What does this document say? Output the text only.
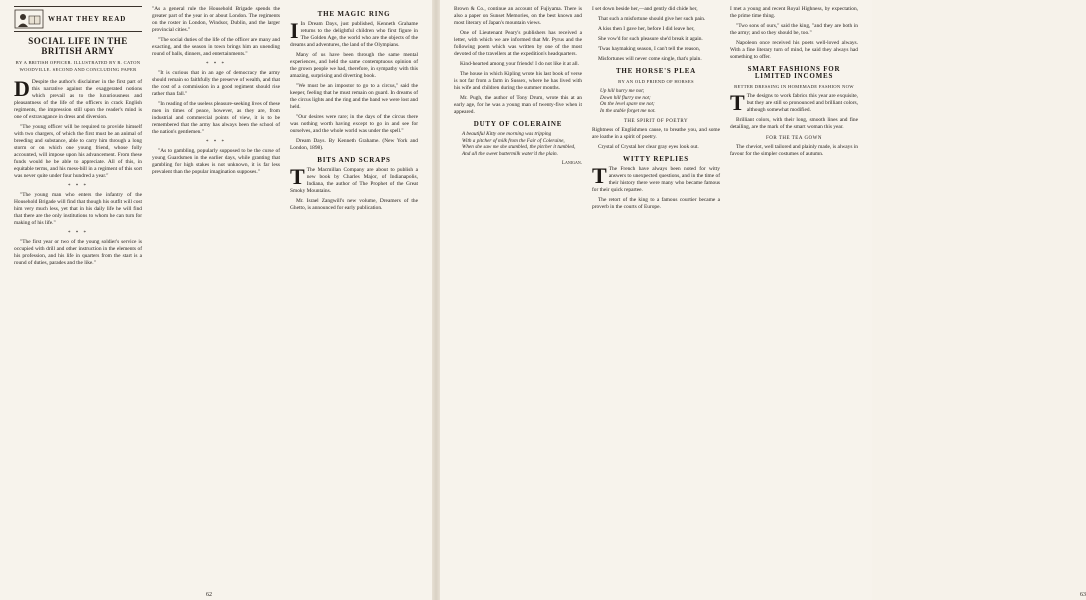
WHAT THEY READ
SOCIAL LIFE IN THE BRITISH ARMY
BY A BRITISH OFFICER. ILLUSTRATED BY R. CATON WOODVILLE. SECOND AND CONCLUDING PAPER

D Despite the author's disclaimer in the first part of this narrative against the exaggerated notions which prevail as to the luxuriousness and pleasantness of the life of the officers in crack English regiments, the impression still upon the reader's mind is one of extravagance in dress and diversion.

"The young officer will be required to provide himself with two chargers, of which the first must be an animal of breeding and substance, able to carry him through a long storm or on which one young friend, whose folly accounted, will impose upon his advancement. From these funds would he be able to appreciate. All of this, in equitable terms, and his mess-bill in a regiment of this sort was never quite under four hundred a year."

* * *

"The young man who enters the infantry of the Household Brigade will find that though his outfit will cost him very much less, yet that in his daily life he will find that there are the only institutions to whom he can turn for making of his life."

* * *

"The first year or two of the young soldier's service is occupied with drill and other instruction in the elements of his profession, and his life in quarters from the start is a round of duties, parades and the like."

"As a general rule the Household Brigade spends the greater part of the year in or about London. The regiments on the roster in London, Windsor, Dublin, and the larger provincial cities."

"The social duties of the life of the officer are many and exacting, and the season in town brings him an unending round of balls, dinners, and entertainments."

* * *

"It is curious that in an age of democracy the army should remain so faithfully the preserve of wealth, and that the cost of a commission in a good regiment should rise rather than fall."

"In reading of the useless pleasure-seeking lives of these men in times of peace, however, as they are, from industrial and commercial points of view, it is to be remembered that the army has always been the school of the nation's gentlemen."

* * *

"As to gambling, popularly supposed to be the curse of young Guardsmen in the earlier days, while granting that gambling for high stakes is not unknown, it is far less prevalent than the popular imagination supposes."

THE MAGIC RING

I In Dream Days, just published, Kenneth Grahame returns to the delightful children who first figure in The Golden Age, the world who are the objects of the dreams and adventures, the land of the Olympians.

Many of us have been through the same mental experiences, and held the same contemptuous opinion of the grown people we had, therefore, in sympathy with this amazing, surprising and diverting book.

"We must be an impostor to go to a circus," said the keeper, feeling that he must remain on guard. In dreams of the circus lights and the ring and the band we were lost and held.

"Our desires were rare; in the days of the circus there was nothing worth having except to go in and see for ourselves, and the whole world was under the spell."

Dream Days. By Kenneth Grahame. (New York and London, 1898).

BITS AND SCRAPS

T The Macmillan Company are about to publish a new book by Charles Major, of Indianapolis, Indiana, the author of The Prophet of the Great Smoky Mountains.

Mr. Israel Zangwill's new volume, Dreamers of the Ghetto, is announced for early publication.

62

Brown & Co., continue an account of Fujiyama. There is also a paper on Sunset Memories, on the best known and most literary of Japan's mountain views.

One of Lieutenant Peary's publishers has received a letter, with which we are informed that Mr. Pyrus and the following poem which was written by one of the most devoted of the travellers at the expedition's headquarters.

Kind-hearted among your friends! I do not like it at all.

The house in which Kipling wrote his last book of verse is not far from a farm in Sussex, where he has lived with his wife and children during the summer months.

Mr. Pugh, the author of Tony Drum, wrote this at an early age, for he was a young man of twenty-five when it appeared.

DUTY OF COLERAINE
A beautiful Kitty one morning was tripping
With a pitcher of milk from the Fair of Coleraine,
When she saw me she stumbled, the pitcher it tumbled,
And all the sweet buttermilk water'd the plain.
Lanigan.

I set down beside her,—and gently did chide her,

That such a misfortune should give her such pain.

A kiss then I gave her, before I did leave her,

She vow'd for such pleasure she'd break it again.

'Twas haymaking season, I can't tell the reason,

Misfortunes will never come single, that's plain.

THE HORSE'S PLEA
BY AN OLD FRIEND OF HORSES
Up hill hurry me not;
Down hill flurry me not;
On the level spare me not;
In the stable forget me not.
THE SPIRIT OF POETRY

Rightness of Englishmen cause, to breathe you, and some are loathe in a spirit of poetry.

Crystal of Crystal her clear gray eyes look out.

WITTY REPLIES

T The French have always been noted for witty answers to unexpected questions, and in the time of their history there were many who became famous for their quick repartee.

The retort of the king to a famous courtier became a proverb in the courts of Europe.

I met a young and recent Royal Highness, by expectation, the prime time thing.

"Two sons of ours," said the king, "and they are both in the army; and so they should be, too."

Napoleon once received his poets well-loved always. With a fine literary turn of mind, he said they always had something to offer.

SMART FASHIONS FOR LIMITED INCOMES
BETTER DRESSING IN HOMEMADE FASHION NOW

T The designs to work fabrics this year are exquisite, but they are still so pronounced and brilliant colors, although somewhat modified.

Brilliant colors, with their long, smooth lines and fine detailing, are the mark of the smart woman this year.

FOR THE TEA GOWN

The cheviot, well tailored and plainly made, is always in favour for the simpler costumes of autumn.

63
